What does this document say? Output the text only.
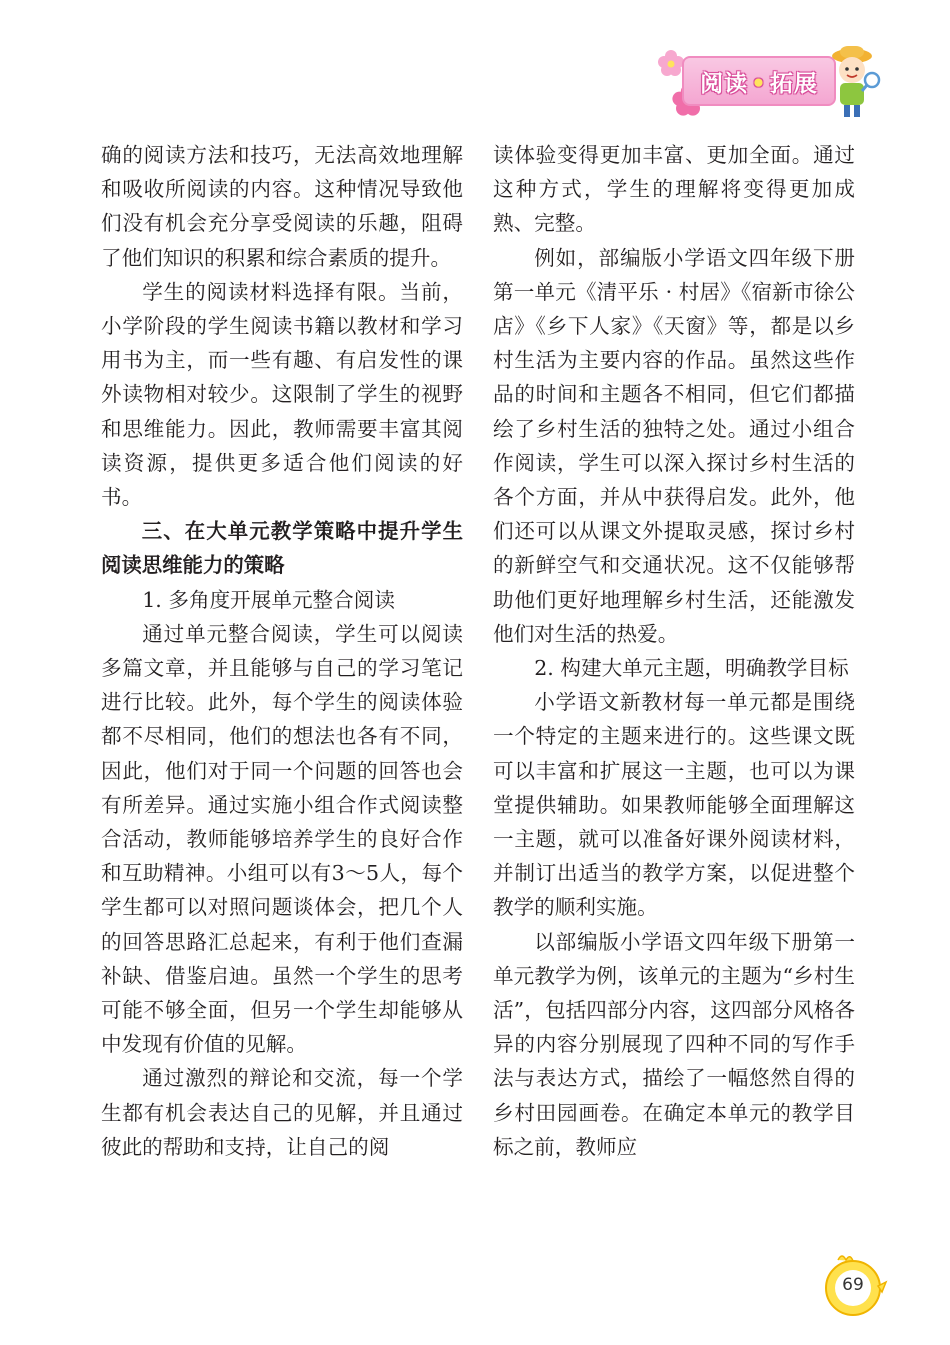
阅读 • 拓展

确的阅读方法和技巧，无法高效地理解和吸收所阅读的内容。这种情况导致他们没有机会充分享受阅读的乐趣，阻碍了他们知识的积累和综合素质的提升。

学生的阅读材料选择有限。当前，小学阶段的学生阅读书籍以教材和学习用书为主，而一些有趣、有启发性的课外读物相对较少。这限制了学生的视野和思维能力。因此，教师需要丰富其阅读资源，提供更多适合他们阅读的好书。

三、在大单元教学策略中提升学生阅读思维能力的策略

1. 多角度开展单元整合阅读

通过单元整合阅读，学生可以阅读多篇文章，并且能够与自己的学习笔记进行比较。此外，每个学生的阅读体验都不尽相同，他们的想法也各有不同，因此，他们对于同一个问题的回答也会有所差异。通过实施小组合作式阅读整合活动，教师能够培养学生的良好合作和互助精神。小组可以有3～5人，每个学生都可以对照问题谈体会，把几个人的回答思路汇总起来，有利于他们查漏补缺、借鉴启迪。虽然一个学生的思考可能不够全面，但另一个学生却能够从中发现有价值的见解。

通过激烈的辩论和交流，每一个学生都有机会表达自己的见解，并且通过彼此的帮助和支持，让自己的阅

读体验变得更加丰富、更加全面。通过这种方式，学生的理解将变得更加成熟、完整。

例如，部编版小学语文四年级下册第一单元《清平乐 · 村居》《宿新市徐公店》《乡下人家》《天窗》等，都是以乡村生活为主要内容的作品。虽然这些作品的时间和主题各不相同，但它们都描绘了乡村生活的独特之处。通过小组合作阅读，学生可以深入探讨乡村生活的各个方面，并从中获得启发。此外，他们还可以从课文外提取灵感，探讨乡村的新鲜空气和交通状况。这不仅能够帮助他们更好地理解乡村生活，还能激发他们对生活的热爱。

2. 构建大单元主题，明确教学目标

小学语文新教材每一单元都是围绕一个特定的主题来进行的。这些课文既可以丰富和扩展这一主题，也可以为课堂提供辅助。如果教师能够全面理解这一主题，就可以准备好课外阅读材料，并制订出适当的教学方案，以促进整个教学的顺利实施。

以部编版小学语文四年级下册第一单元教学为例，该单元的主题为“乡村生活”，包括四部分内容，这四部分风格各异的内容分别展现了四种不同的写作手法与表达方式，描绘了一幅悠然自得的乡村田园画卷。在确定本单元的教学目标之前，教师应

69
